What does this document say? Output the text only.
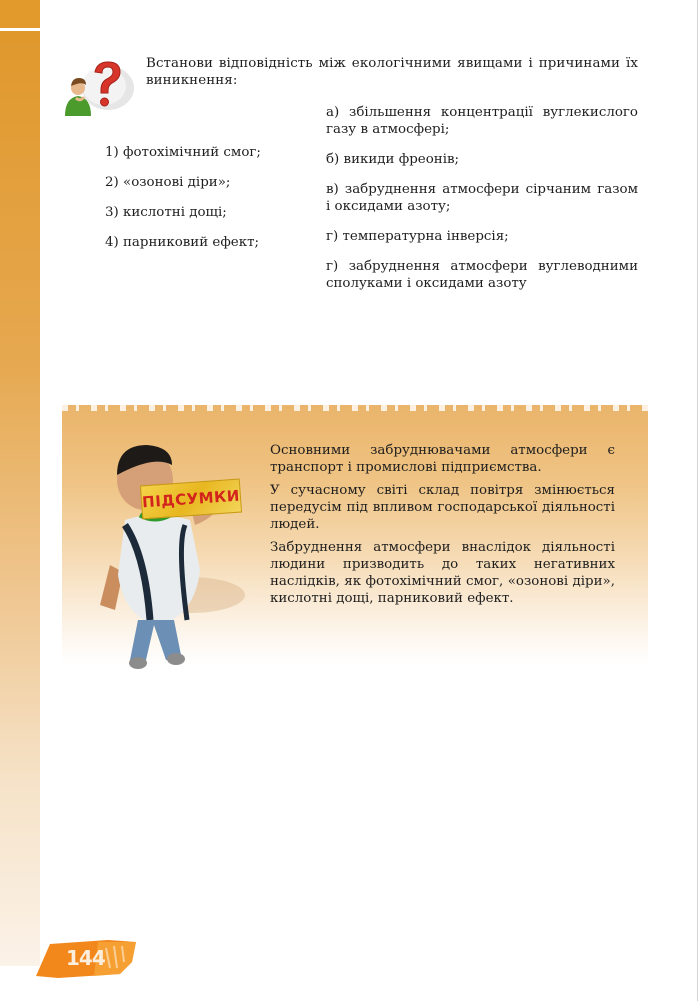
Встанови відповідність між екологічними явищами і причинами їх виникнення:
1) фотохімічний смог;
2) «озонові діри»;
3) кислотні дощі;
4) парниковий ефект;
а) збільшення концентрації вуглекислого газу в атмосфері;
б) викиди фреонів;
в) забруднення атмосфери сірчаним газом і оксидами азоту;
г) температурна інверсія;
г) забруднення атмосфери вуглеводними сполуками і оксидами азоту
ПІДСУМКИ

Основними забруднювачами атмосфери є транспорт і промислові підприємства.

У сучасному світі склад повітря змінюється передусім під впливом господарської діяльності людей.

Забруднення атмосфери внаслідок діяльності людини призводить до таких негативних наслідків, як фотохімічний смог, «озонові діри», кислотні дощі, парниковий ефект.

144
